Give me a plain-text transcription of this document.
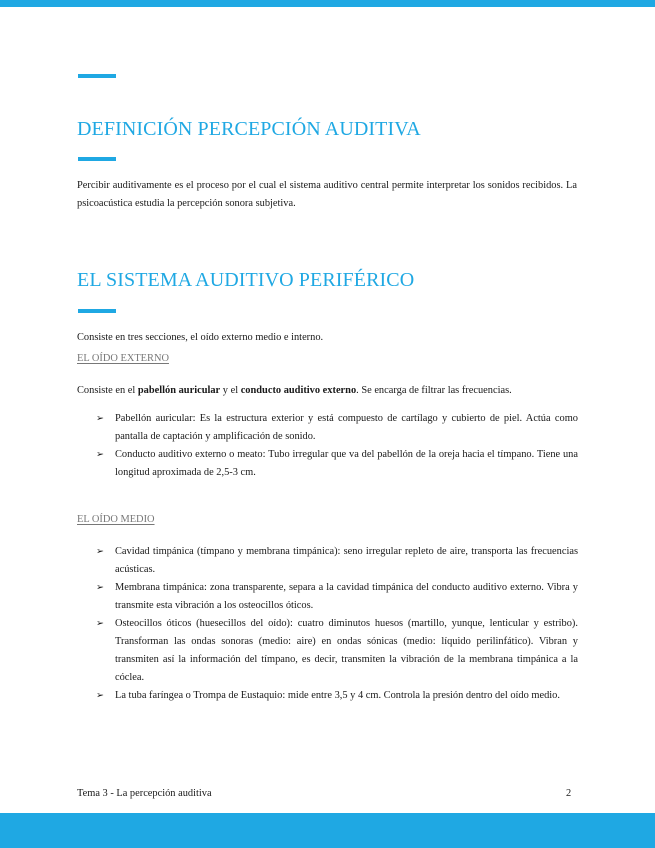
DEFINICIÓN PERCEPCIÓN AUDITIVA

Percibir auditivamente es el proceso por el cual el sistema auditivo central permite interpretar los sonidos recibidos. La psicoacústica estudia la percepción sonora subjetiva.

EL SISTEMA AUDITIVO PERIFÉRICO

Consiste en tres secciones, el oído externo medio e interno.

EL OÍDO EXTERNO

Consiste en el pabellón auricular y el conducto auditivo externo. Se encarga de filtrar las frecuencias.

➢ Pabellón auricular: Es la estructura exterior y está compuesto de cartílago y cubierto de piel. Actúa como pantalla de captación y amplificación de sonido.
➢ Conducto auditivo externo o meato: Tubo irregular que va del pabellón de la oreja hacia el tímpano. Tiene una longitud aproximada de 2,5-3 cm.

EL OÍDO MEDIO

➢ Cavidad timpánica (tímpano y membrana timpánica): seno irregular repleto de aire, transporta las frecuencias acústicas.
➢ Membrana timpánica: zona transparente, separa a la cavidad timpánica del conducto auditivo externo. Vibra y transmite esta vibración a los osteocillos óticos.
➢ Osteocillos óticos (huesecillos del oído): cuatro diminutos huesos (martillo, yunque, lenticular y estribo). Transforman las ondas sonoras (medio: aire) en ondas sónicas (medio: líquido perilinfático). Vibran y transmiten así la información del tímpano, es decir, transmiten la vibración de la membrana timpánica a la cóclea.
➢ La tuba faríngea o Trompa de Eustaquio: mide entre 3,5 y 4 cm. Controla la presión dentro del oído medio.
Tema 3 - La percepción auditiva	2
